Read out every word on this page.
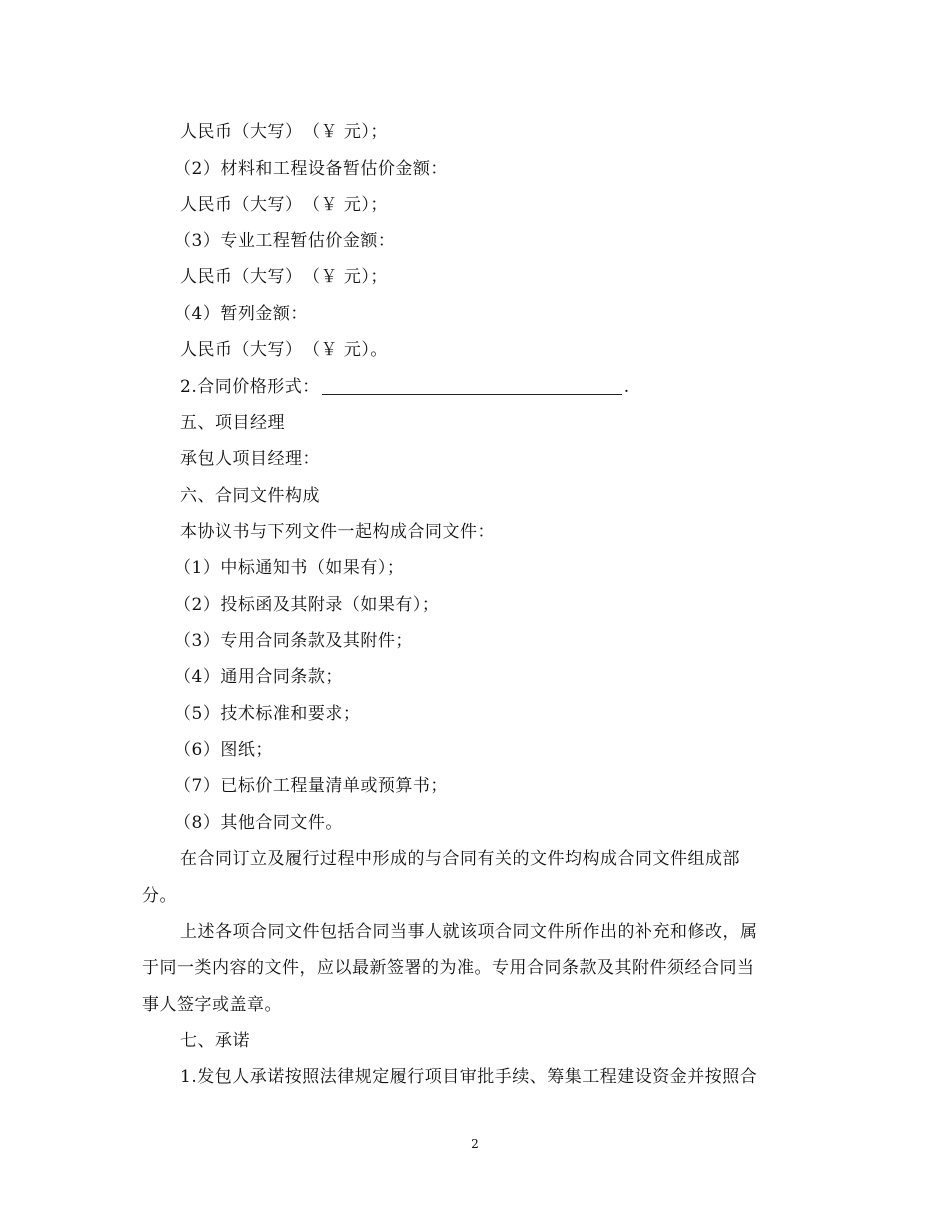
人民币（大写）　（￥ 元）；
（2）材料和工程设备暂估价金额：
人民币（大写）　（￥ 元）；
（3）专业工程暂估价金额：
人民币（大写）　（￥ 元）；
（4）暂列金额：
人民币（大写）　（￥ 元）。
2.合同价格形式：	.
五、项目经理
承包人项目经理：
六、合同文件构成
本协议书与下列文件一起构成合同文件：
（1）中标通知书（如果有）；
（2）投标函及其附录（如果有）；
（3）专用合同条款及其附件；
（4）通用合同条款；
（5）技术标准和要求；
（6）图纸；
（7）已标价工程量清单或预算书；
（8）其他合同文件。
在合同订立及履行过程中形成的与合同有关的文件均构成合同文件组成部
分。
上述各项合同文件包括合同当事人就该项合同文件所作出的补充和修改，属
于同一类内容的文件，应以最新签署的为准。专用合同条款及其附件须经合同当
事人签字或盖章。
七、承诺
1.发包人承诺按照法律规定履行项目审批手续、筹集工程建设资金并按照合
2
